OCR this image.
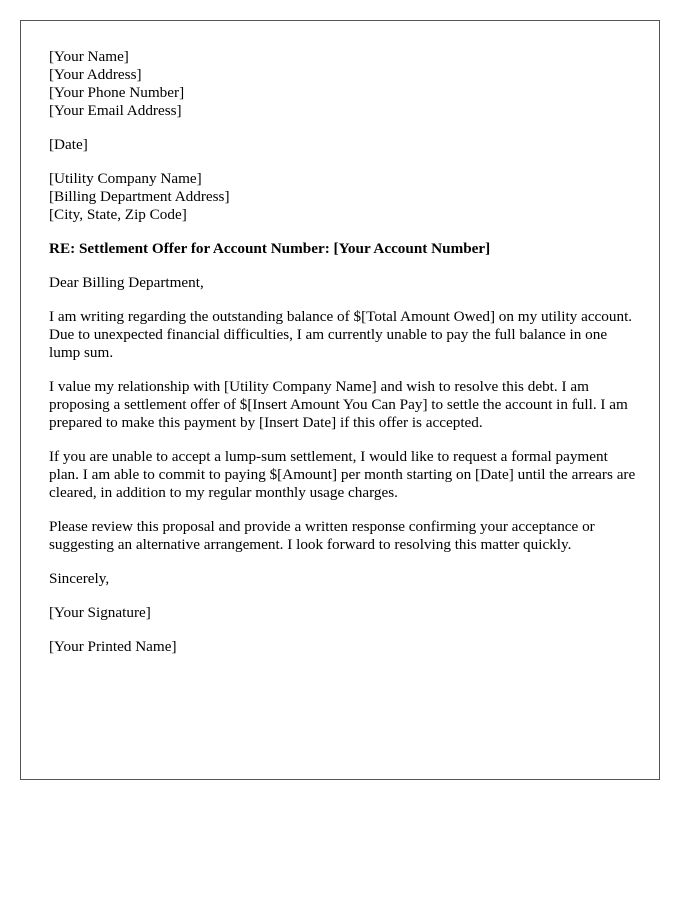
[Your Name]
[Your Address]
[Your Phone Number]
[Your Email Address]
[Date]
[Utility Company Name]
[Billing Department Address]
[City, State, Zip Code]

RE: Settlement Offer for Account Number: [Your Account Number]

Dear Billing Department,

I am writing regarding the outstanding balance of $[Total Amount Owed] on my utility account. Due to unexpected financial difficulties, I am currently unable to pay the full balance in one lump sum.

I value my relationship with [Utility Company Name] and wish to resolve this debt. I am proposing a settlement offer of $[Insert Amount You Can Pay] to settle the account in full. I am prepared to make this payment by [Insert Date] if this offer is accepted.

If you are unable to accept a lump-sum settlement, I would like to request a formal payment plan. I am able to commit to paying $[Amount] per month starting on [Date] until the arrears are cleared, in addition to my regular monthly usage charges.

Please review this proposal and provide a written response confirming your acceptance or suggesting an alternative arrangement. I look forward to resolving this matter quickly.

Sincerely,

[Your Signature]

[Your Printed Name]
